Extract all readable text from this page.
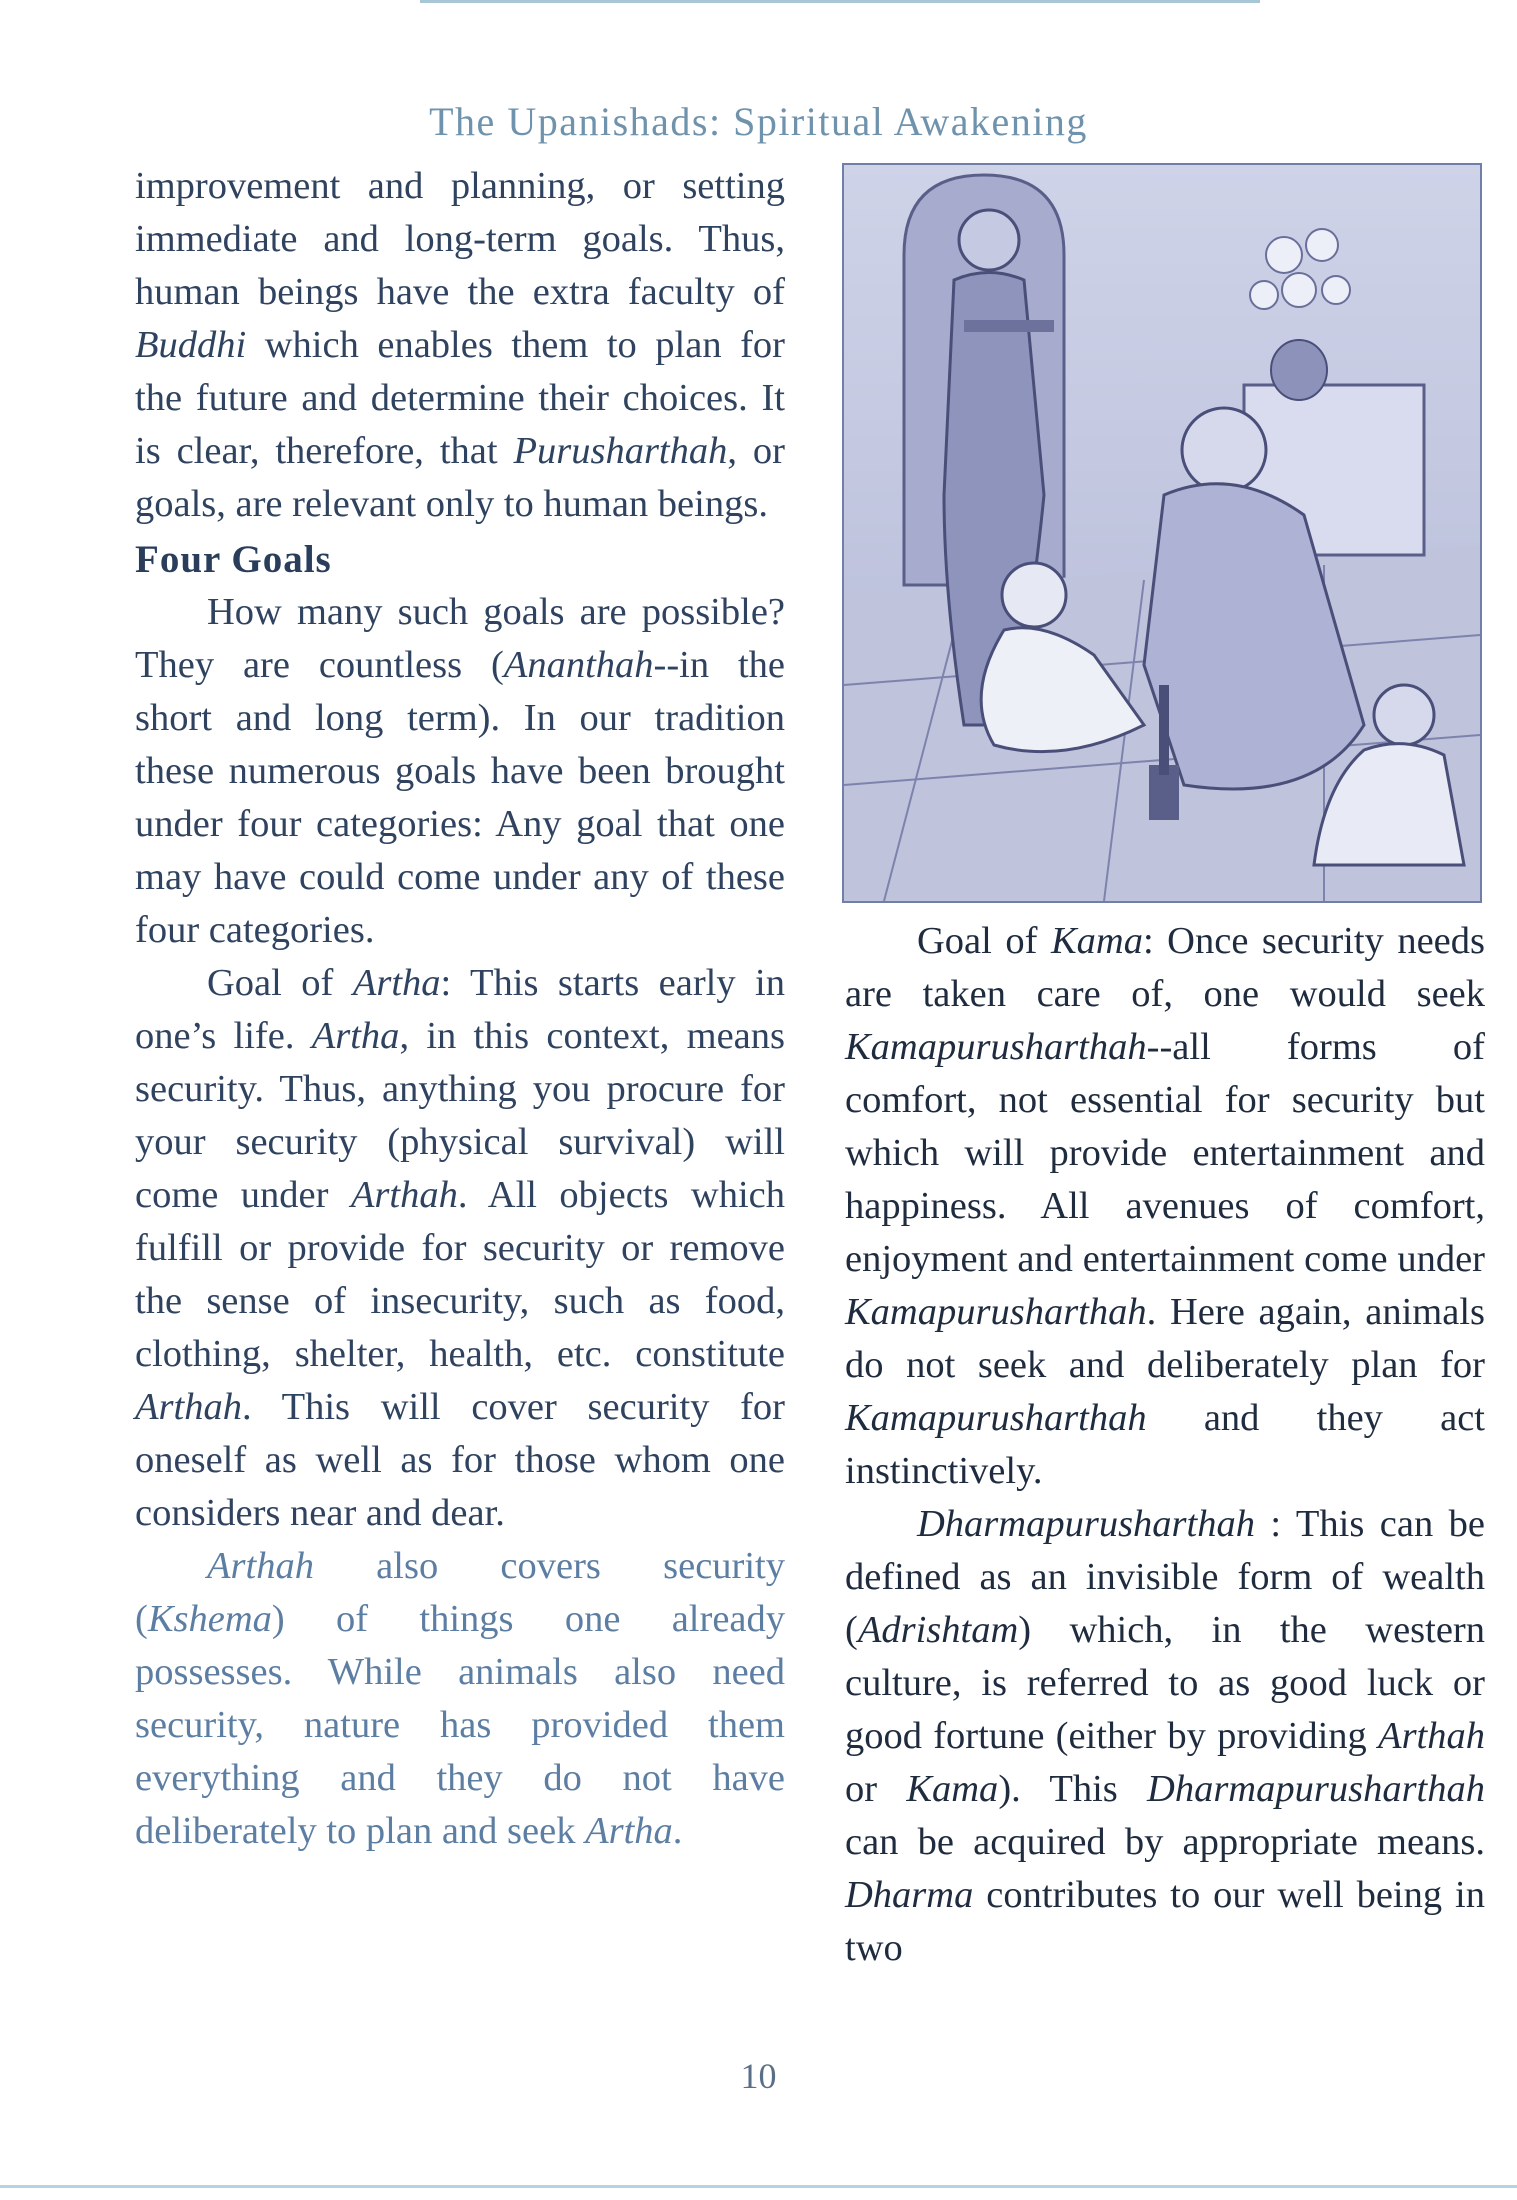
The Upanishads: Spiritual Awakening

improvement and planning, or setting immediate and long-term goals. Thus, human beings have the extra faculty of Buddhi which enables them to plan for the future and determine their choices. It is clear, therefore, that Purusharthah, or goals, are relevant only to human beings.

Four Goals

How many such goals are possible? They are countless (Ananthah--in the short and long term). In our tradition these numerous goals have been brought under four categories: Any goal that one may have could come under any of these four categories.

Goal of Artha: This starts early in one’s life. Artha, in this context, means security. Thus, anything you procure for your security (physical survival) will come under Arthah. All objects which fulfill or provide for security or remove the sense of insecurity, such as food, clothing, shelter, health, etc. constitute Arthah. This will cover security for oneself as well as for those whom one considers near and dear.

Arthah also covers security (Kshema) of things one already possesses. While animals also need security, nature has provided them everything and they do not have deliberately to plan and seek Artha.

Goal of Kama: Once security needs are taken care of, one would seek Kamapurusharthah--all forms of comfort, not essential for security but which will provide entertainment and happiness. All avenues of comfort, enjoyment and entertainment come under Kamapurusharthah. Here again, animals do not seek and deliberately plan for Kamapurusharthah and they act instinctively.

Dharmapurusharthah : This can be defined as an invisible form of wealth (Adrishtam) which, in the western culture, is referred to as good luck or good fortune (either by providing Arthah or Kama). This Dharmapurusharthah can be acquired by appropriate means. Dharma contributes to our well being in two

10
